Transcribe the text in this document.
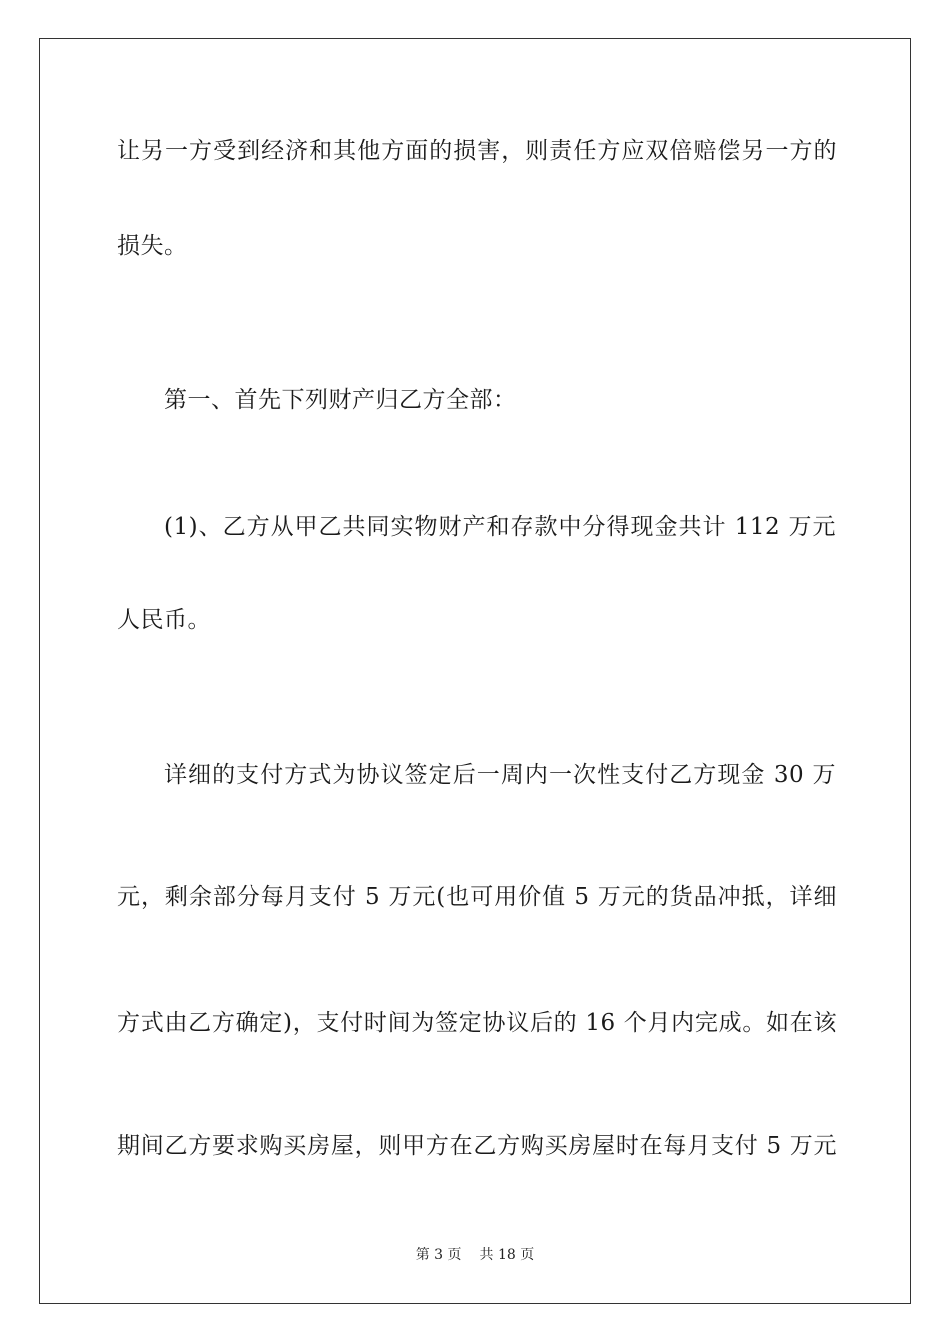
让另一方受到经济和其他方面的损害，则责任方应双倍赔偿另一方的
损失。
第一、首先下列财产归乙方全部：
(1)、乙方从甲乙共同实物财产和存款中分得现金共计 112 万元
人民币。
详细的支付方式为协议签定后一周内一次性支付乙方现金 30 万
元，剩余部分每月支付 5 万元(也可用价值 5 万元的货品冲抵，详细
方式由乙方确定)，支付时间为签定协议后的 16 个月内完成。如在该
期间乙方要求购买房屋，则甲方在乙方购买房屋时在每月支付 5 万元
第 3 页 共 18 页
